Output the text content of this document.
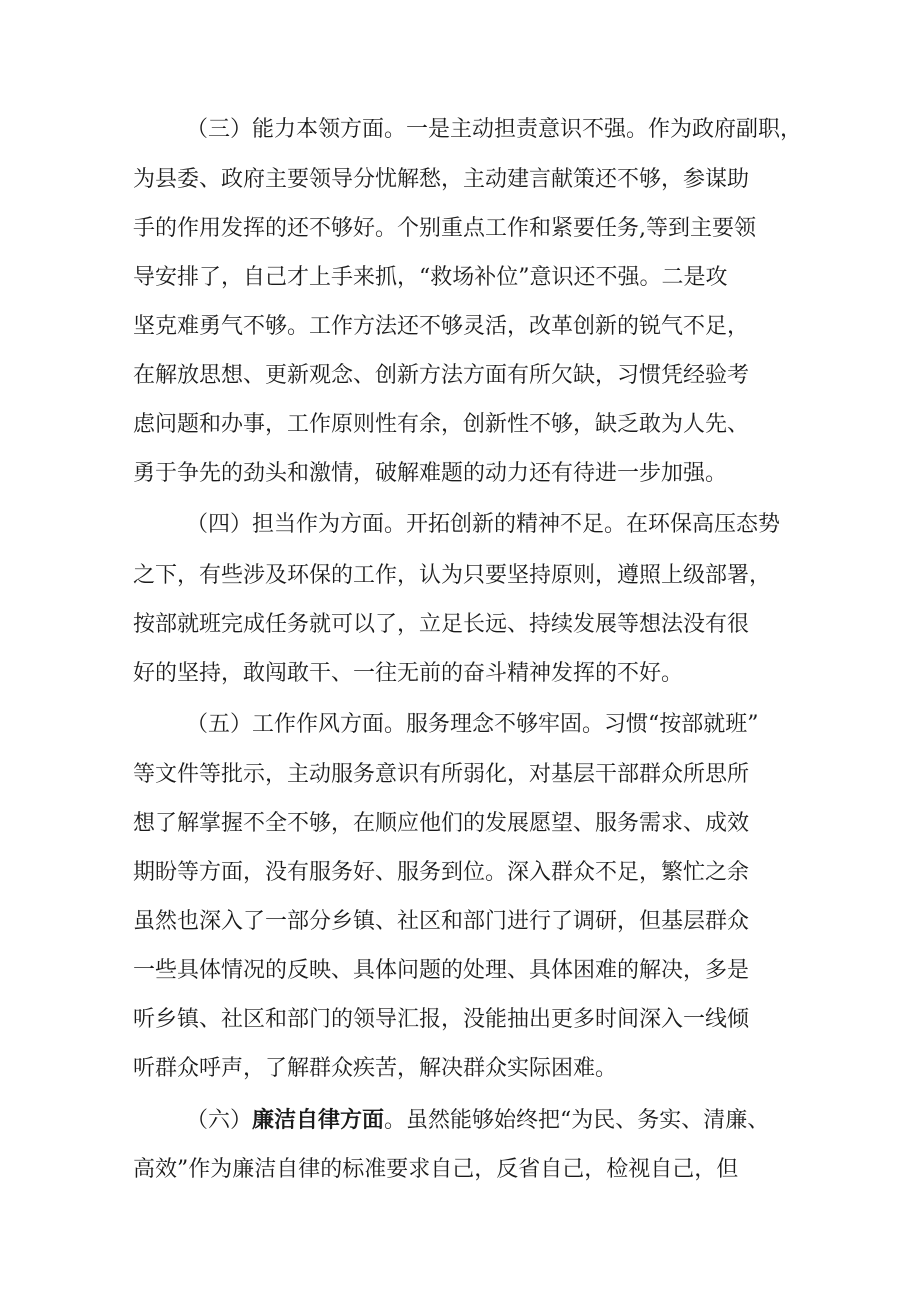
（三）能力本领方面。一是主动担责意识不强。作为政府副职，
为县委、政府主要领导分忧解愁，主动建言献策还不够，参谋助
手的作用发挥的还不够好。个别重点工作和紧要任务,等到主要领
导安排了，自己才上手来抓，“救场补位”意识还不强。二是攻
坚克难勇气不够。工作方法还不够灵活，改革创新的锐气不足，
在解放思想、更新观念、创新方法方面有所欠缺，习惯凭经验考
虑问题和办事，工作原则性有余，创新性不够，缺乏敢为人先、
勇于争先的劲头和激情，破解难题的动力还有待进一步加强。
（四）担当作为方面。开拓创新的精神不足。在环保高压态势
之下，有些涉及环保的工作，认为只要坚持原则，遵照上级部署，
按部就班完成任务就可以了，立足长远、持续发展等想法没有很
好的坚持，敢闯敢干、一往无前的奋斗精神发挥的不好。
（五）工作作风方面。服务理念不够牢固。习惯“按部就班”
等文件等批示，主动服务意识有所弱化，对基层干部群众所思所
想了解掌握不全不够，在顺应他们的发展愿望、服务需求、成效
期盼等方面，没有服务好、服务到位。深入群众不足，繁忙之余
虽然也深入了一部分乡镇、社区和部门进行了调研，但基层群众
一些具体情况的反映、具体问题的处理、具体困难的解决，多是
听乡镇、社区和部门的领导汇报，没能抽出更多时间深入一线倾
听群众呼声，了解群众疾苦，解决群众实际困难。
（六）廉洁自律方面。虽然能够始终把“为民、务实、清廉、
高效”作为廉洁自律的标准要求自己，反省自己，检视自己，但
